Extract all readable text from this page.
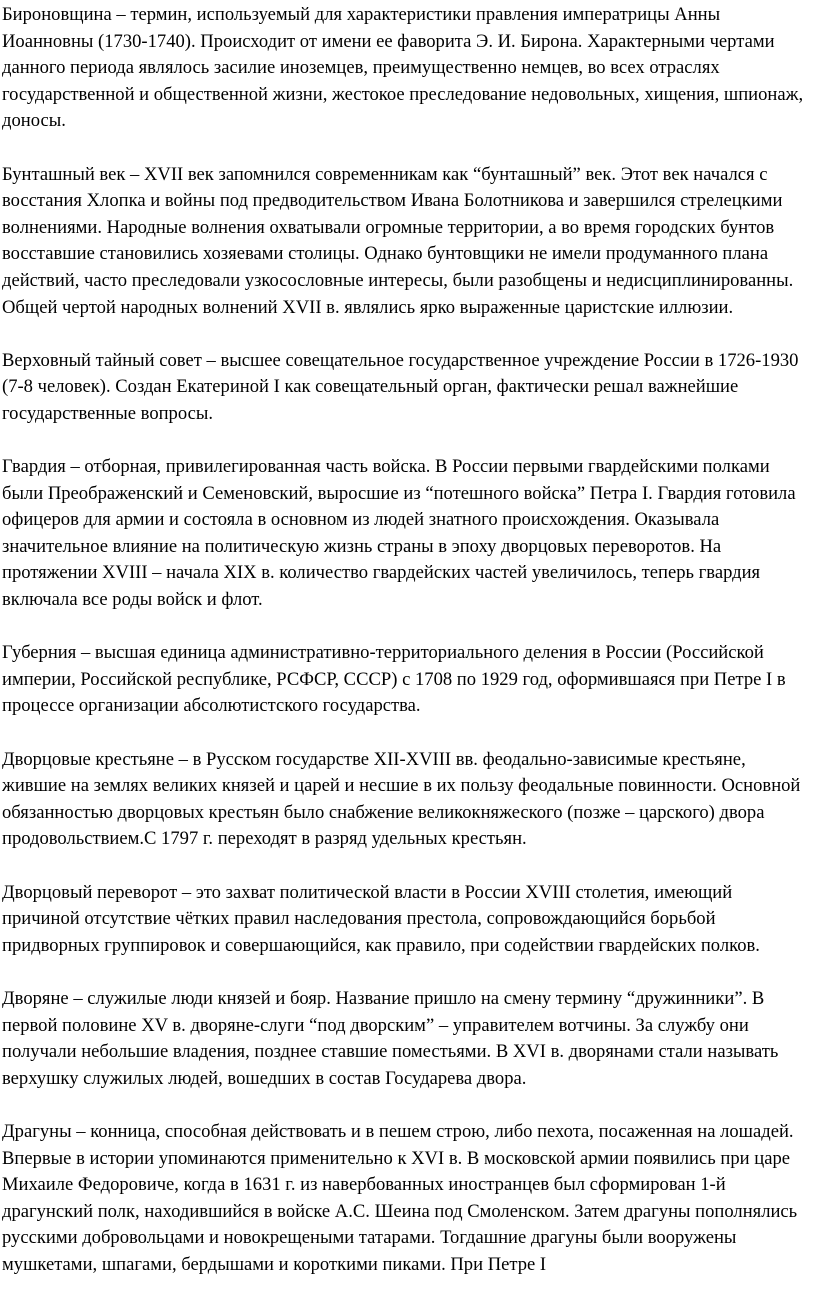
Бироновщина – термин, используемый для характеристики правления императрицы Анны Иоанновны (1730-1740). Происходит от имени ее фаворита Э. И. Бирона. Характерными чертами данного периода являлось засилие иноземцев, преимущественно немцев, во всех отраслях государственной и общественной жизни, жестокое преследование недовольных, хищения, шпионаж, доносы.

Бунташный век – XVII век запомнился современникам как “бунташный” век. Этот век начался с восстания Хлопка и войны под предводительством Ивана Болотникова и завершился стрелецкими волнениями. Народные волнения охватывали огромные территории, а во время городских бунтов восставшие становились хозяевами столицы. Однако бунтовщики не имели продуманного плана действий, часто преследовали узкосословные интересы, были разобщены и недисциплинированны. Общей чертой народных волнений XVII в. являлись ярко выраженные царистские иллюзии.

Верховный тайный совет – высшее совещательное государственное учреждение России в 1726-1930 (7-8 человек). Создан Екатериной I как совещательный орган, фактически решал важнейшие государственные вопросы.

Гвардия – отборная, привилегированная часть войска. В России первыми гвардейскими полками были Преображенский и Семеновский, выросшие из “потешного войска” Петра I. Гвардия готовила офицеров для армии и состояла в основном из людей знатного происхождения. Оказывала значительное влияние на политическую жизнь страны в эпоху дворцовых переворотов. На протяжении XVIII – начала XIX в. количество гвардейских частей увеличилось, теперь гвардия включала все роды войск и флот.

Губерния – высшая единица административно-территориального деления в России (Российской империи, Российской республике, РСФСР, СССР) с 1708 по 1929 год, оформившаяся при Петре I в процессе организации абсолютистского государства.

Дворцовые крестьяне – в Русском государстве XII-XVIII вв. феодально-зависимые крестьяне, жившие на землях великих князей и царей и несшие в их пользу феодальные повинности. Основной обязанностью дворцовых крестьян было снабжение великокняжеского (позже – царского) двора продовольствием.С 1797 г. переходят в разряд удельных крестьян.

Дворцовый переворот – это захват политической власти в России XVIII столетия, имеющий причиной отсутствие чётких правил наследования престола, сопровождающийся борьбой придворных группировок и совершающийся, как правило, при содействии гвардейских полков.

Дворяне – служилые люди князей и бояр. Название пришло на смену термину “дружинники”. В первой половине XV в. дворяне-слуги “под дворским” – управителем вотчины. За службу они получали небольшие владения, позднее ставшие поместьями. В XVI в. дворянами стали называть верхушку служилых людей, вошедших в состав Государева двора.

Драгуны – конница, способная действовать и в пешем строю, либо пехота, посаженная на лошадей. Впервые в истории упоминаются применительно к XVI в. В московской армии появились при царе Михаиле Федоровиче, когда в 1631 г. из навербованных иностранцев был сформирован 1-й драгунский полк, находившийся в войске А.С. Шеина под Смоленском. Затем драгуны пополнялись русскими добровольцами и новокрещеными татарами. Тогдашние драгуны были вооружены мушкетами, шпагами, бердышами и короткими пиками. При Петре I
